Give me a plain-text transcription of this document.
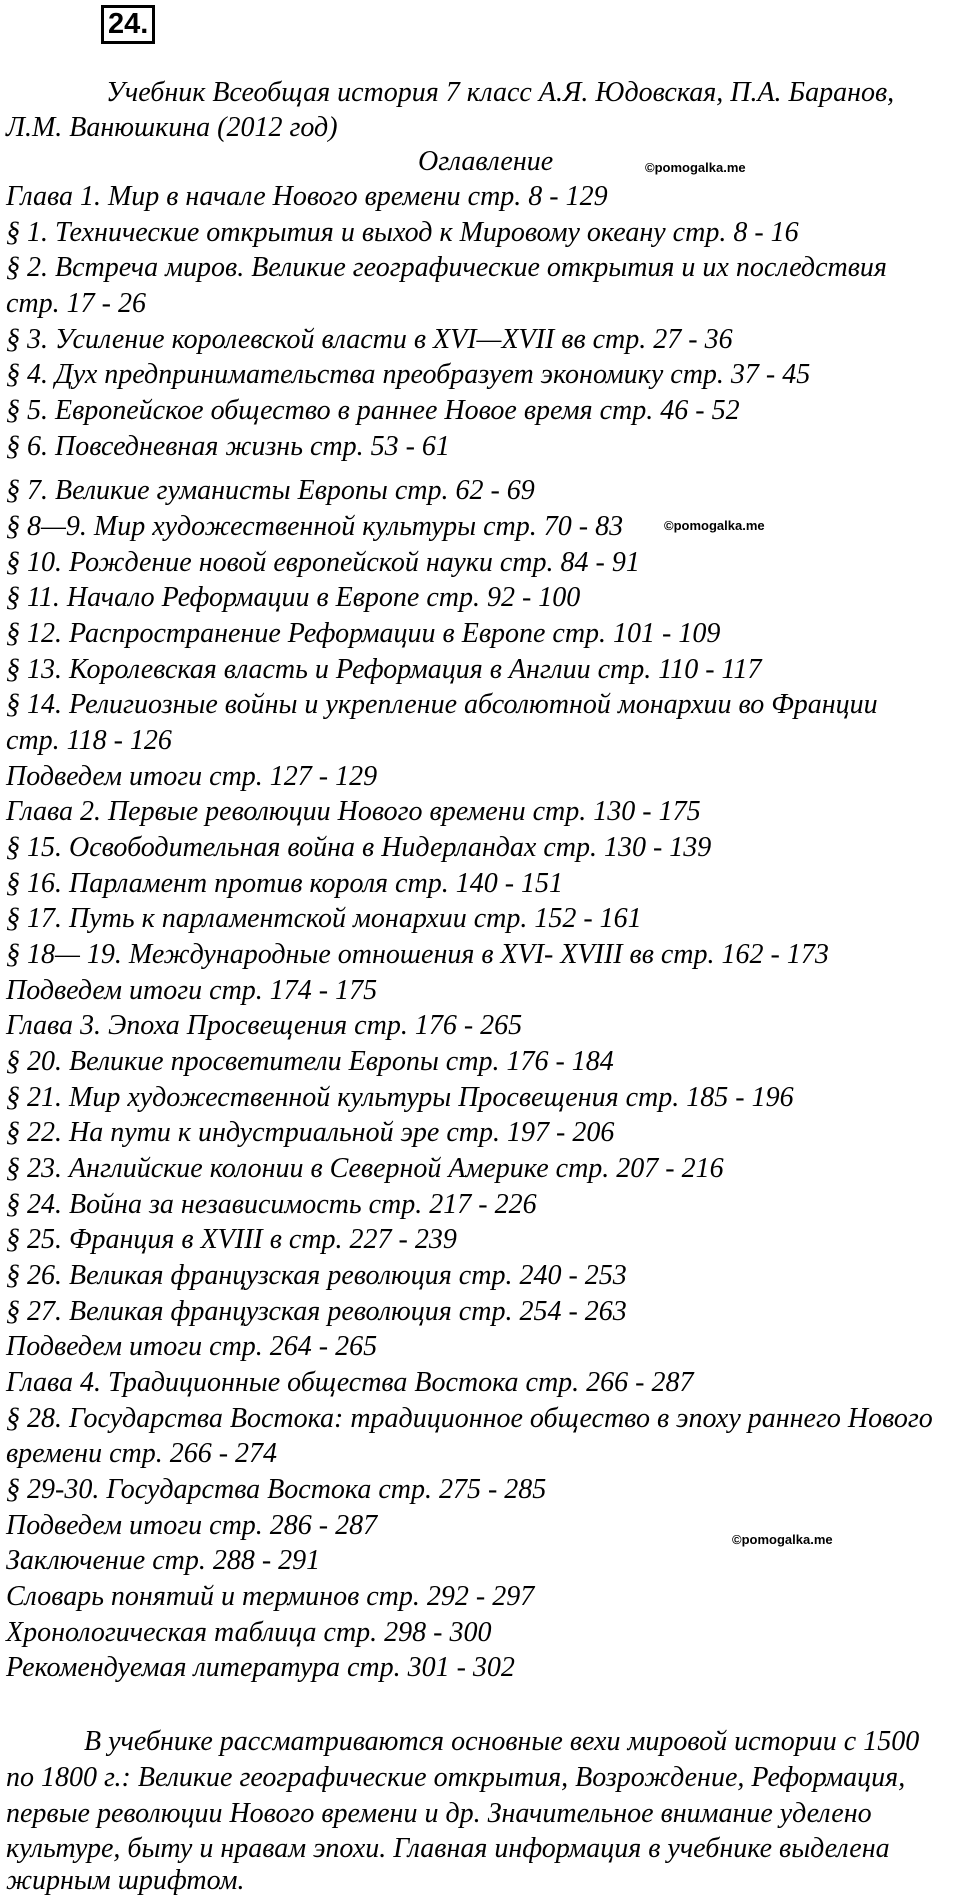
24.
Учебник Всеобщая история 7 класс А.Я. Юдовская, П.А. Баранов,
Л.М. Ванюшкина (2012 год)
Оглавление	©pomogalka.me
©pomogalka.me
©pomogalka.me
Глава 1. Мир в начале Нового времени стр. 8 - 129
§ 1. Технические открытия и выход к Мировому океану стр. 8 - 16
§ 2. Встреча миров. Великие географические открытия и их последствия
стр. 17 - 26
§ 3. Усиление королевской власти в XVI—XVII вв стр. 27 - 36
§ 4. Дух предпринимательства преобразует экономику стр. 37 - 45
§ 5. Европейское общество в раннее Новое время стр. 46 - 52
§ 6. Повседневная жизнь стр. 53 - 61
§ 7. Великие гуманисты Европы стр. 62 - 69
§ 8—9. Мир художественной культуры стр. 70 - 83
§ 10. Рождение новой европейской науки стр. 84 - 91
§ 11. Начало Реформации в Европе стр. 92 - 100
§ 12. Распространение Реформации в Европе стр. 101 - 109
§ 13. Королевская власть и Реформация в Англии стр. 110 - 117
§ 14. Религиозные войны и укрепление абсолютной монархии во Франции
стр. 118 - 126
Подведем итоги стр. 127 - 129
Глава 2. Первые революции Нового времени стр. 130 - 175
§ 15. Освободительная война в Нидерландах стр. 130 - 139
§ 16. Парламент против короля стр. 140 - 151
§ 17. Путь к парламентской монархии стр. 152 - 161
§ 18— 19. Международные отношения в XVI- XVIII вв стр. 162 - 173
Подведем итоги стр. 174 - 175
Глава 3. Эпоха Просвещения стр. 176 - 265
§ 20. Великие просветители Европы стр. 176 - 184
§ 21. Мир художественной культуры Просвещения стр. 185 - 196
§ 22. На пути к индустриальной эре стр. 197 - 206
§ 23. Английские колонии в Северной Америке стр. 207 - 216
§ 24. Война за независимость стр. 217 - 226
§ 25. Франция в XVIII в стр. 227 - 239
§ 26. Великая французская революция стр. 240 - 253
§ 27. Великая французская революция стр. 254 - 263
Подведем итоги стр. 264 - 265
Глава 4. Традиционные общества Востока стр. 266 - 287
§ 28. Государства Востока: традиционное общество в эпоху раннего Нового
времени стр. 266 - 274
§ 29-30. Государства Востока стр. 275 - 285
Подведем итоги стр. 286 - 287
Заключение стр. 288 - 291
Словарь понятий и терминов стр. 292 - 297
Хронологическая таблица стр. 298 - 300
Рекомендуемая литература стр. 301 - 302
В учебнике рассматриваются основные вехи мировой истории с 1500
по 1800 г.: Великие географические открытия, Возрождение, Реформация,
первые революции Нового времени и др. Значительное внимание уделено
культуре, быту и нравам эпохи. Главная информация в учебнике выделена
жирным шрифтом.
